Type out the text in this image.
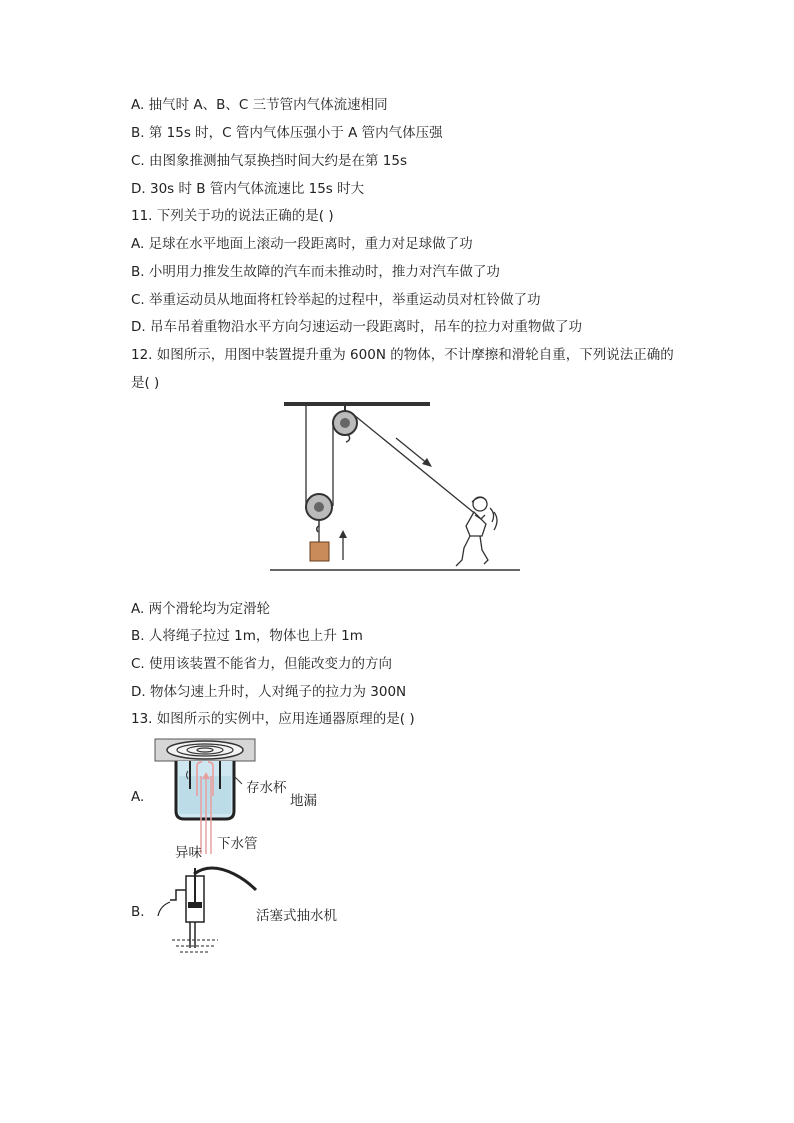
A. 抽气时 A、B、C 三节管内气体流速相同
B. 第 15s 时，C 管内气体压强小于 A 管内气体压强
C. 由图象推测抽气泵换挡时间大约是在第 15s
D. 30s 时 B 管内气体流速比 15s 时大
11. 下列关于功的说法正确的是( )
A. 足球在水平地面上滚动一段距离时，重力对足球做了功
B. 小明用力推发生故障的汽车而未推动时，推力对汽车做了功
C. 举重运动员从地面将杠铃举起的过程中，举重运动员对杠铃做了功
D. 吊车吊着重物沿水平方向匀速运动一段距离时，吊车的拉力对重物做了功
12. 如图所示，用图中装置提升重为 600N 的物体，不计摩擦和滑轮自重，下列说法正确的
是( )
A. 两个滑轮均为定滑轮
B. 人将绳子拉过 1m，物体也上升 1m
C. 使用该装置不能省力，但能改变力的方向
D. 物体匀速上升时，人对绳子的拉力为 300N
13. 如图所示的实例中，应用连通器原理的是( )
A.
存水杯
地漏
异味
下水管
B.	活塞式抽水机
